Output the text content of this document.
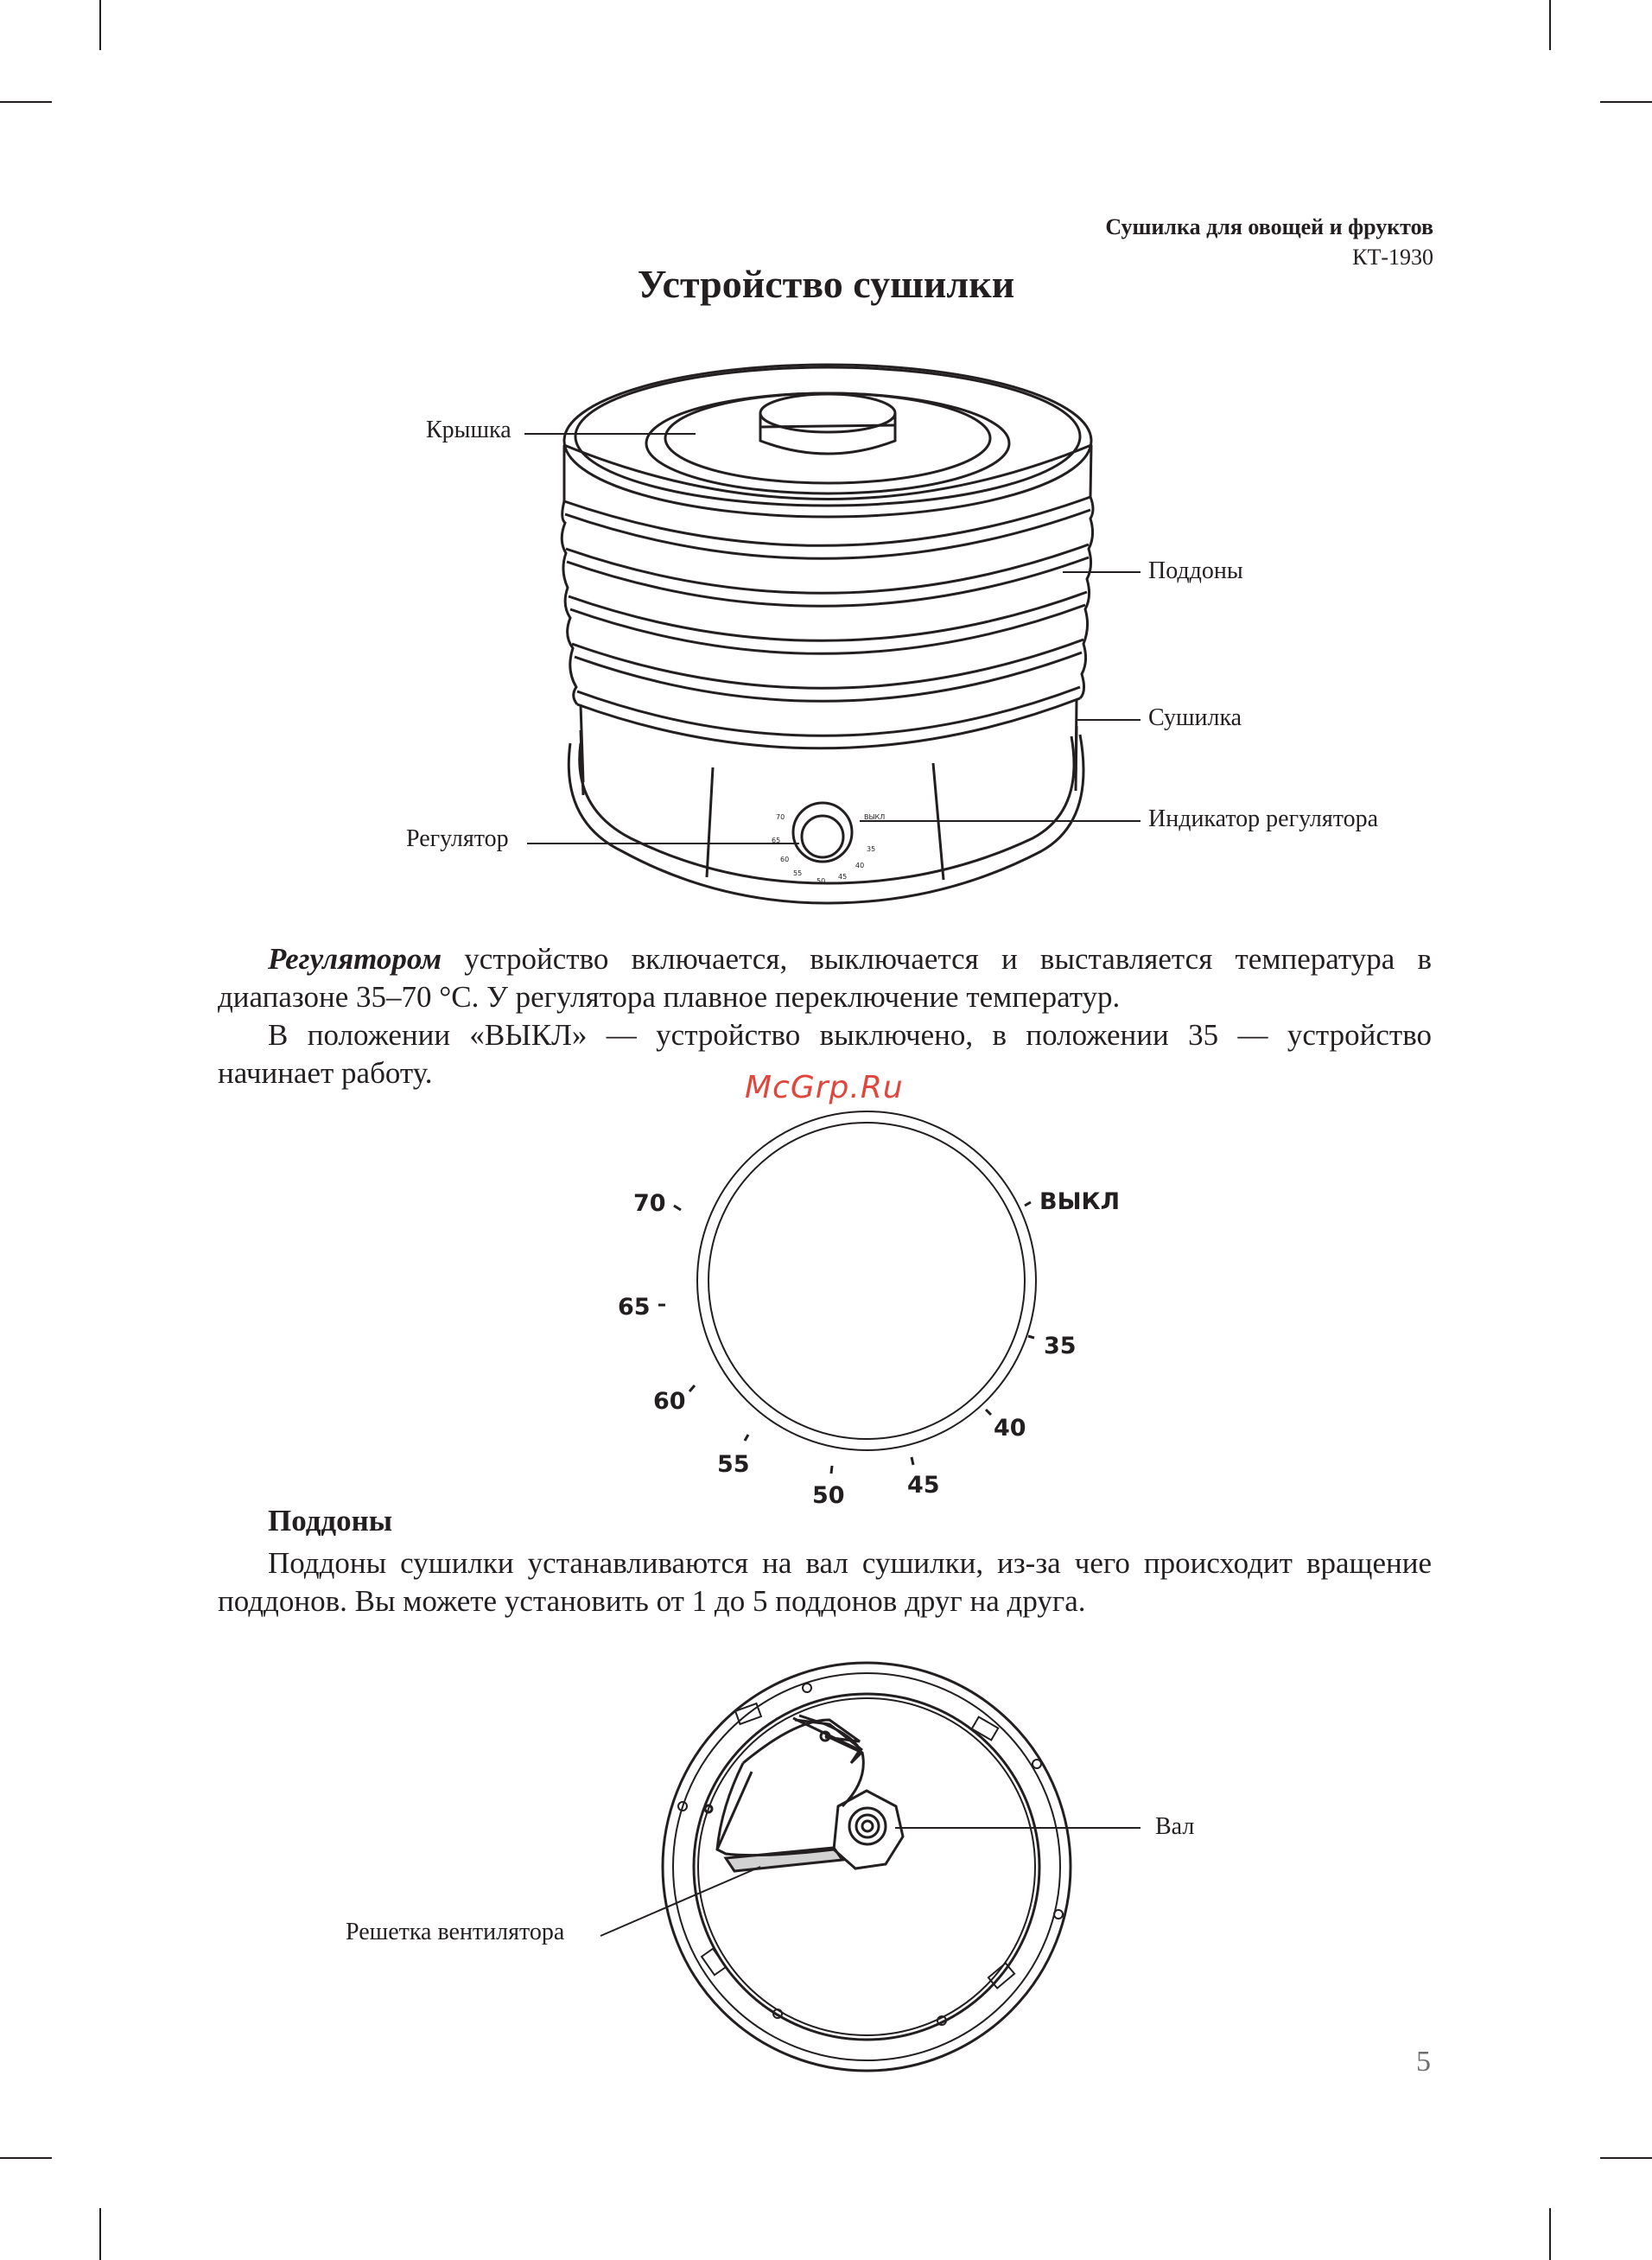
Сушилка для овощей и фруктов
КТ-1930
Устройство сушилки
70
65
60
55
50
45
40
35
ВЫКЛ
Крышка
Поддоны
Сушилка
Регулятор
Индикатор регулятора

Регулятором устройство включается, выключается и выставляется температура в диапазоне 35–70 °C. У регулятора плавное переключение температур.

В положении «ВЫКЛ» — устройство выключено, в положении 35 — устройство начинает работу.

70
65
60
55
50	45
40
35
ВЫКЛ
McGrp.Ru
Поддоны

Поддоны сушилки устанавливаются на вал сушилки, из-за чего происходит вращение поддонов. Вы можете установить от 1 до 5 поддонов друг на друга.

Вал
Решетка вентилятора
5
